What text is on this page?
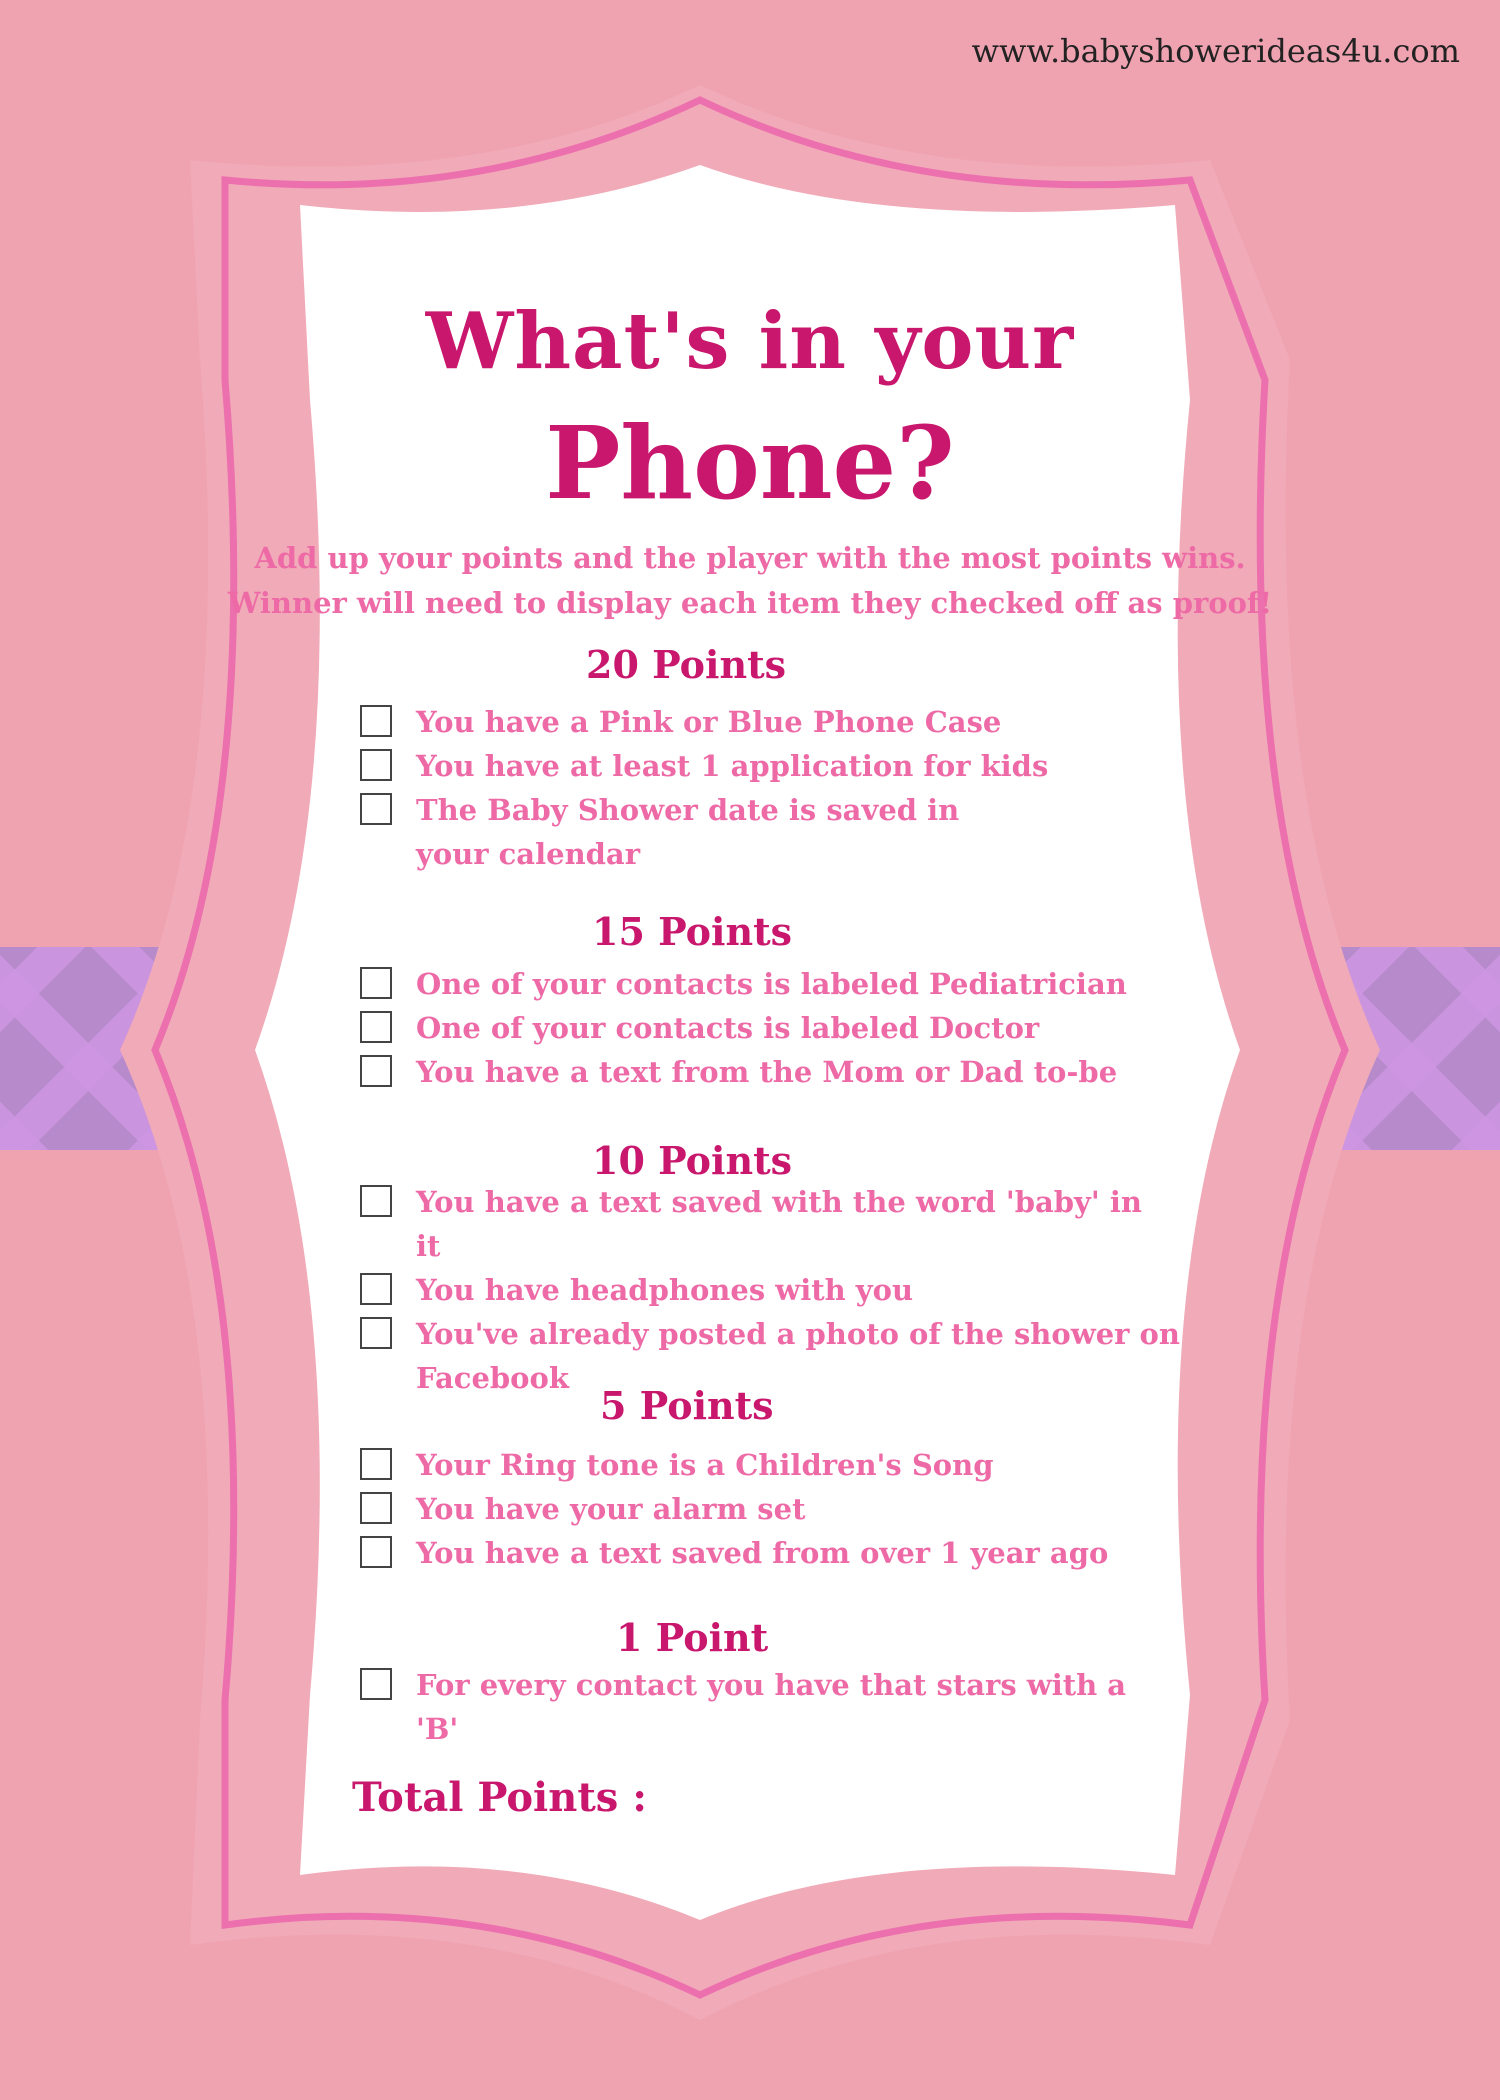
www.babyshowerideas4u.com
What's in your
Phone?
Add up your points and the player with the most points wins.
Winner will need to display each item they checked off as proof!
20 Points
You have a Pink or Blue Phone Case
You have at least 1 application for kids
The Baby Shower date is saved in your calendar
15 Points
One of your contacts is labeled Pediatrician
One of your contacts is labeled Doctor
You have a text from the Mom or Dad to-be
10 Points
You have a text saved with the word 'baby' in it
You have headphones with you
You've already posted a photo of the shower on Facebook
5 Points
Your Ring tone is a Children's Song
You have your alarm set
You have a text saved from over 1 year ago
1 Point
For every contact you have that stars with a 'B'
Total Points :
